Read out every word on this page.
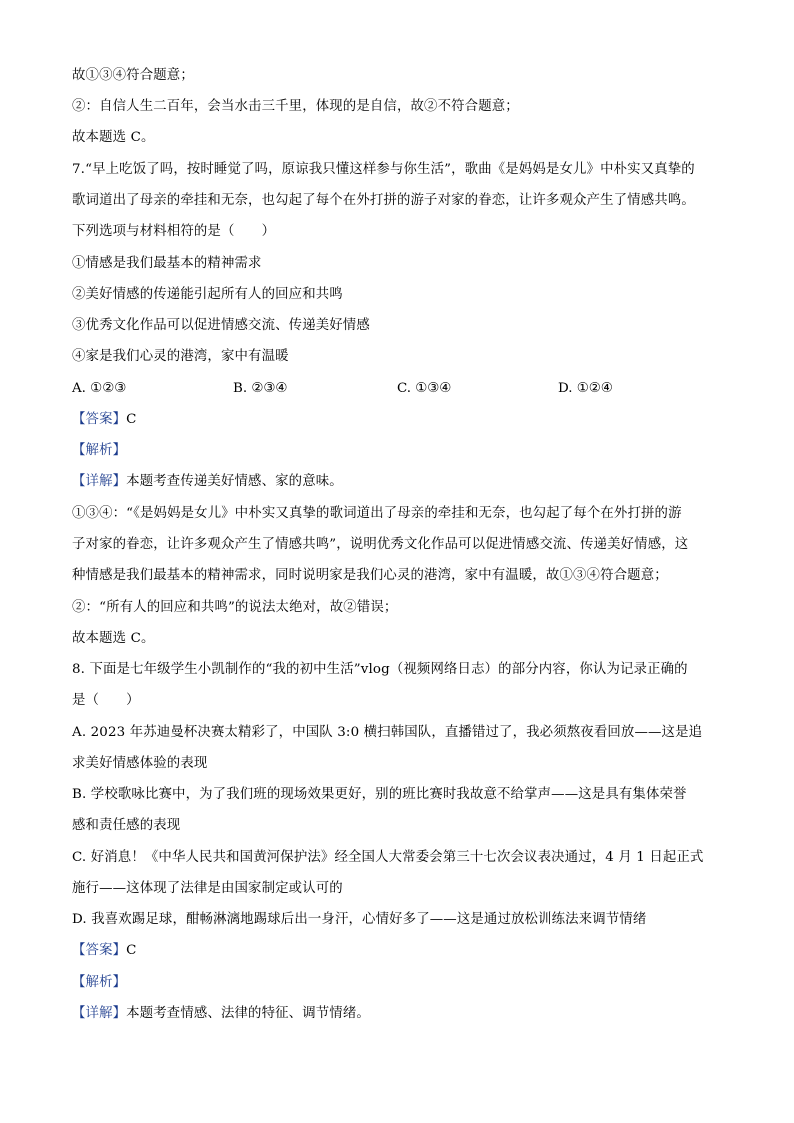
故①③④符合题意；
②：自信人生二百年，会当水击三千里，体现的是自信，故②不符合题意；
故本题选 C。
7.“早上吃饭了吗，按时睡觉了吗，原谅我只懂这样参与你生活”，歌曲《是妈妈是女儿》中朴实又真挚的
歌词道出了母亲的牵挂和无奈，也勾起了每个在外打拼的游子对家的眷恋，让许多观众产生了情感共鸣。
下列选项与材料相符的是（　　）
①情感是我们最基本的精神需求
②美好情感的传递能引起所有人的回应和共鸣
③优秀文化作品可以促进情感交流、传递美好情感
④家是我们心灵的港湾，家中有温暖
A. ①②③	B. ②③④	C. ①③④	D. ①②④
【答案】C
【解析】
【详解】本题考查传递美好情感、家的意味。
①③④：“《是妈妈是女儿》中朴实又真挚的歌词道出了母亲的牵挂和无奈，也勾起了每个在外打拼的游
子对家的眷恋，让许多观众产生了情感共鸣”，说明优秀文化作品可以促进情感交流、传递美好情感，这
种情感是我们最基本的精神需求，同时说明家是我们心灵的港湾，家中有温暖，故①③④符合题意；
②：“所有人的回应和共鸣”的说法太绝对，故②错误；
故本题选 C。
8. 下面是七年级学生小凯制作的“我的初中生活”vlog（视频网络日志）的部分内容，你认为记录正确的
是（　　）
A. 2023 年苏迪曼杯决赛太精彩了，中国队 3:0 横扫韩国队，直播错过了，我必须熬夜看回放——这是追
求美好情感体验的表现
B. 学校歌咏比赛中，为了我们班的现场效果更好，别的班比赛时我故意不给掌声——这是具有集体荣誉
感和责任感的表现
C. 好消息！《中华人民共和国黄河保护法》经全国人大常委会第三十七次会议表决通过，4 月 1 日起正式
施行——这体现了法律是由国家制定或认可的
D. 我喜欢踢足球，酣畅淋漓地踢球后出一身汗，心情好多了——这是通过放松训练法来调节情绪
【答案】C
【解析】
【详解】本题考查情感、法律的特征、调节情绪。
